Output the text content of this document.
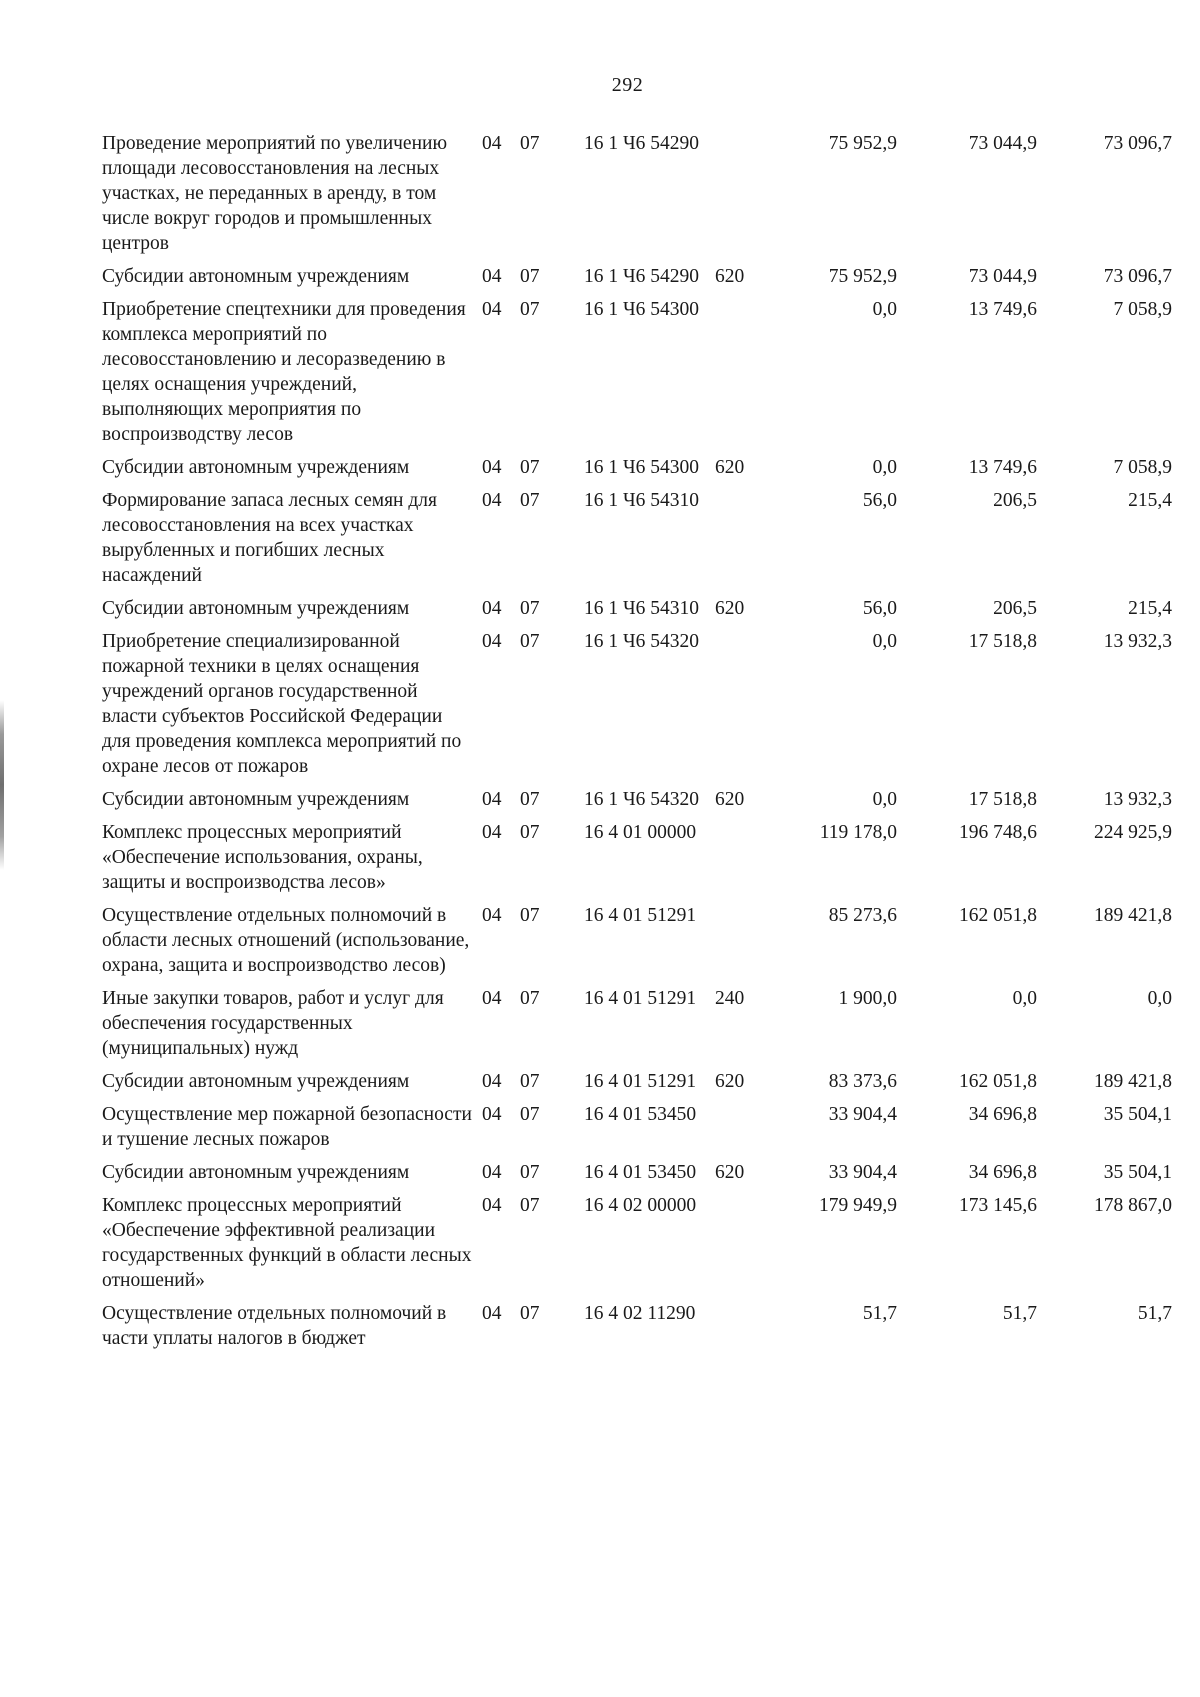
292
Проведение мероприятий по увеличению площади лесовосстановления на лесных участках, не переданных в аренду, в том числе вокруг городов и промышленных центров	04	07	16 1 Ч6 54290		75 952,9	73 044,9	73 096,7
Субсидии автономным учреждениям	04	07	16 1 Ч6 54290	620	75 952,9	73 044,9	73 096,7
Приобретение спецтехники для проведения комплекса мероприятий по лесовосстановлению и лесоразведению в целях оснащения учреждений, выполняющих мероприятия по воспроизводству лесов	04	07	16 1 Ч6 54300		0,0	13 749,6	7 058,9
Субсидии автономным учреждениям	04	07	16 1 Ч6 54300	620	0,0	13 749,6	7 058,9
Формирование запаса лесных семян для лесовосстановления на всех участках вырубленных и погибших лесных насаждений	04	07	16 1 Ч6 54310		56,0	206,5	215,4
Субсидии автономным учреждениям	04	07	16 1 Ч6 54310	620	56,0	206,5	215,4
Приобретение специализированной пожарной техники в целях оснащения учреждений органов государственной власти субъектов Российской Федерации для проведения комплекса мероприятий по охране лесов от пожаров	04	07	16 1 Ч6 54320		0,0	17 518,8	13 932,3
Субсидии автономным учреждениям	04	07	16 1 Ч6 54320	620	0,0	17 518,8	13 932,3
Комплекс процессных мероприятий «Обеспечение использования, охраны, защиты и воспроизводства лесов»	04	07	16 4 01 00000		119 178,0	196 748,6	224 925,9
Осуществление отдельных полномочий в области лесных отношений (использование, охрана, защита и воспроизводство лесов)	04	07	16 4 01 51291		85 273,6	162 051,8	189 421,8
Иные закупки товаров, работ и услуг для обеспечения государственных (муниципальных) нужд	04	07	16 4 01 51291	240	1 900,0	0,0	0,0
Субсидии автономным учреждениям	04	07	16 4 01 51291	620	83 373,6	162 051,8	189 421,8
Осуществление мер пожарной безопасности и тушение лесных пожаров	04	07	16 4 01 53450		33 904,4	34 696,8	35 504,1
Субсидии автономным учреждениям	04	07	16 4 01 53450	620	33 904,4	34 696,8	35 504,1
Комплекс процессных мероприятий «Обеспечение эффективной реализации государственных функций в области лесных отношений»	04	07	16 4 02 00000		179 949,9	173 145,6	178 867,0
Осуществление отдельных полномочий в части уплаты налогов в бюджет	04	07	16 4 02 11290		51,7	51,7	51,7
